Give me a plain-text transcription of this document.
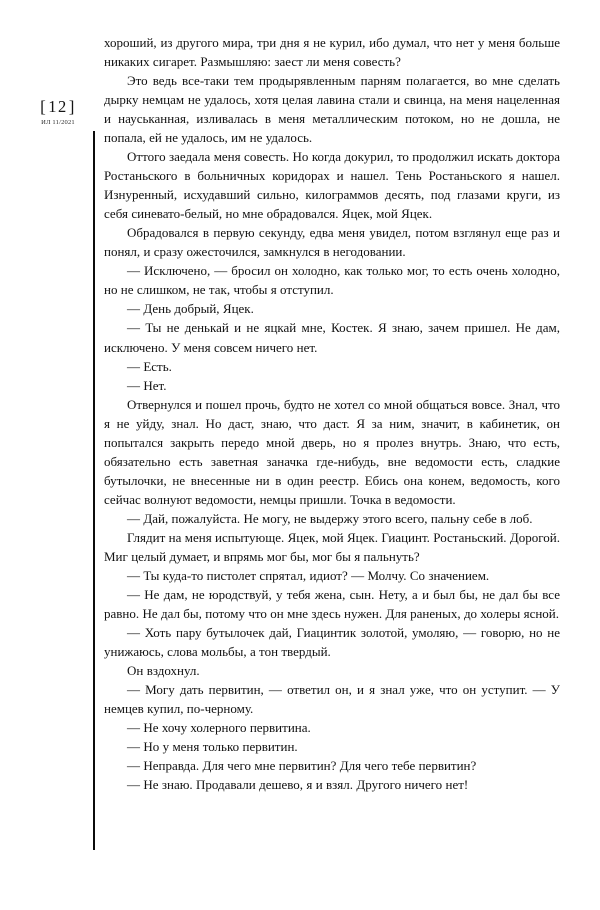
[12]
ИЛ 11/2021

хороший, из другого мира, три дня я не курил, ибо думал, что нет у меня больше никаких сигарет. Размышляю: заест ли меня совесть?

Это ведь все-таки тем продырявленным парням полагается, во мне сделать дырку немцам не удалось, хотя целая лавина стали и свинца, на меня нацеленная и науськанная, изливалась в меня металлическим потоком, но не дошла, не попала, ей не удалось, им не удалось.

Оттого заедала меня совесть. Но когда докурил, то продолжил искать доктора Ростаньского в больничных коридорах и нашел. Тень Ростаньского я нашел. Изнуренный, исхудавший сильно, килограммов десять, под глазами круги, из себя синевато-белый, но мне обрадовался. Яцек, мой Яцек.

Обрадовался в первую секунду, едва меня увидел, потом взглянул еще раз и понял, и сразу ожесточился, замкнулся в негодовании.

— Исключено, — бросил он холодно, как только мог, то есть очень холодно, но не слишком, не так, чтобы я отступил.

— День добрый, Яцек.

— Ты не денькай и не яцкай мне, Костек. Я знаю, зачем пришел. Не дам, исключено. У меня совсем ничего нет.

— Есть.

— Нет.

Отвернулся и пошел прочь, будто не хотел со мной общаться вовсе. Знал, что я не уйду, знал. Но даст, знаю, что даст. Я за ним, значит, в кабинетик, он попытался закрыть передо мной дверь, но я пролез внутрь. Знаю, что есть, обязательно есть заветная заначка где-нибудь, вне ведомости есть, сладкие бутылочки, не внесенные ни в один реестр. Ебись она конем, ведомость, кого сейчас волнуют ведомости, немцы пришли. Точка в ведомости.

— Дай, пожалуйста. Не могу, не выдержу этого всего, пальну себе в лоб.

Глядит на меня испытующе. Яцек, мой Яцек. Гиацинт. Ростаньский. Дорогой. Миг целый думает, и впрямь мог бы, мог бы я пальнуть?

— Ты куда-то пистолет спрятал, идиот? — Молчу. Со значением.

— Не дам, не юродствуй, у тебя жена, сын. Нету, а и был бы, не дал бы все равно. Не дал бы, потому что он мне здесь нужен. Для раненых, до холеры ясной.

— Хоть пару бутылочек дай, Гиацинтик золотой, умоляю, — говорю, но не унижаюсь, слова мольбы, а тон твердый.

Он вздохнул.

— Могу дать первитин, — ответил он, и я знал уже, что он уступит. — У немцев купил, по-черному.

— Не хочу холерного первитина.

— Но у меня только первитин.

— Неправда. Для чего мне первитин? Для чего тебе первитин?

— Не знаю. Продавали дешево, я и взял. Другого ничего нет!
